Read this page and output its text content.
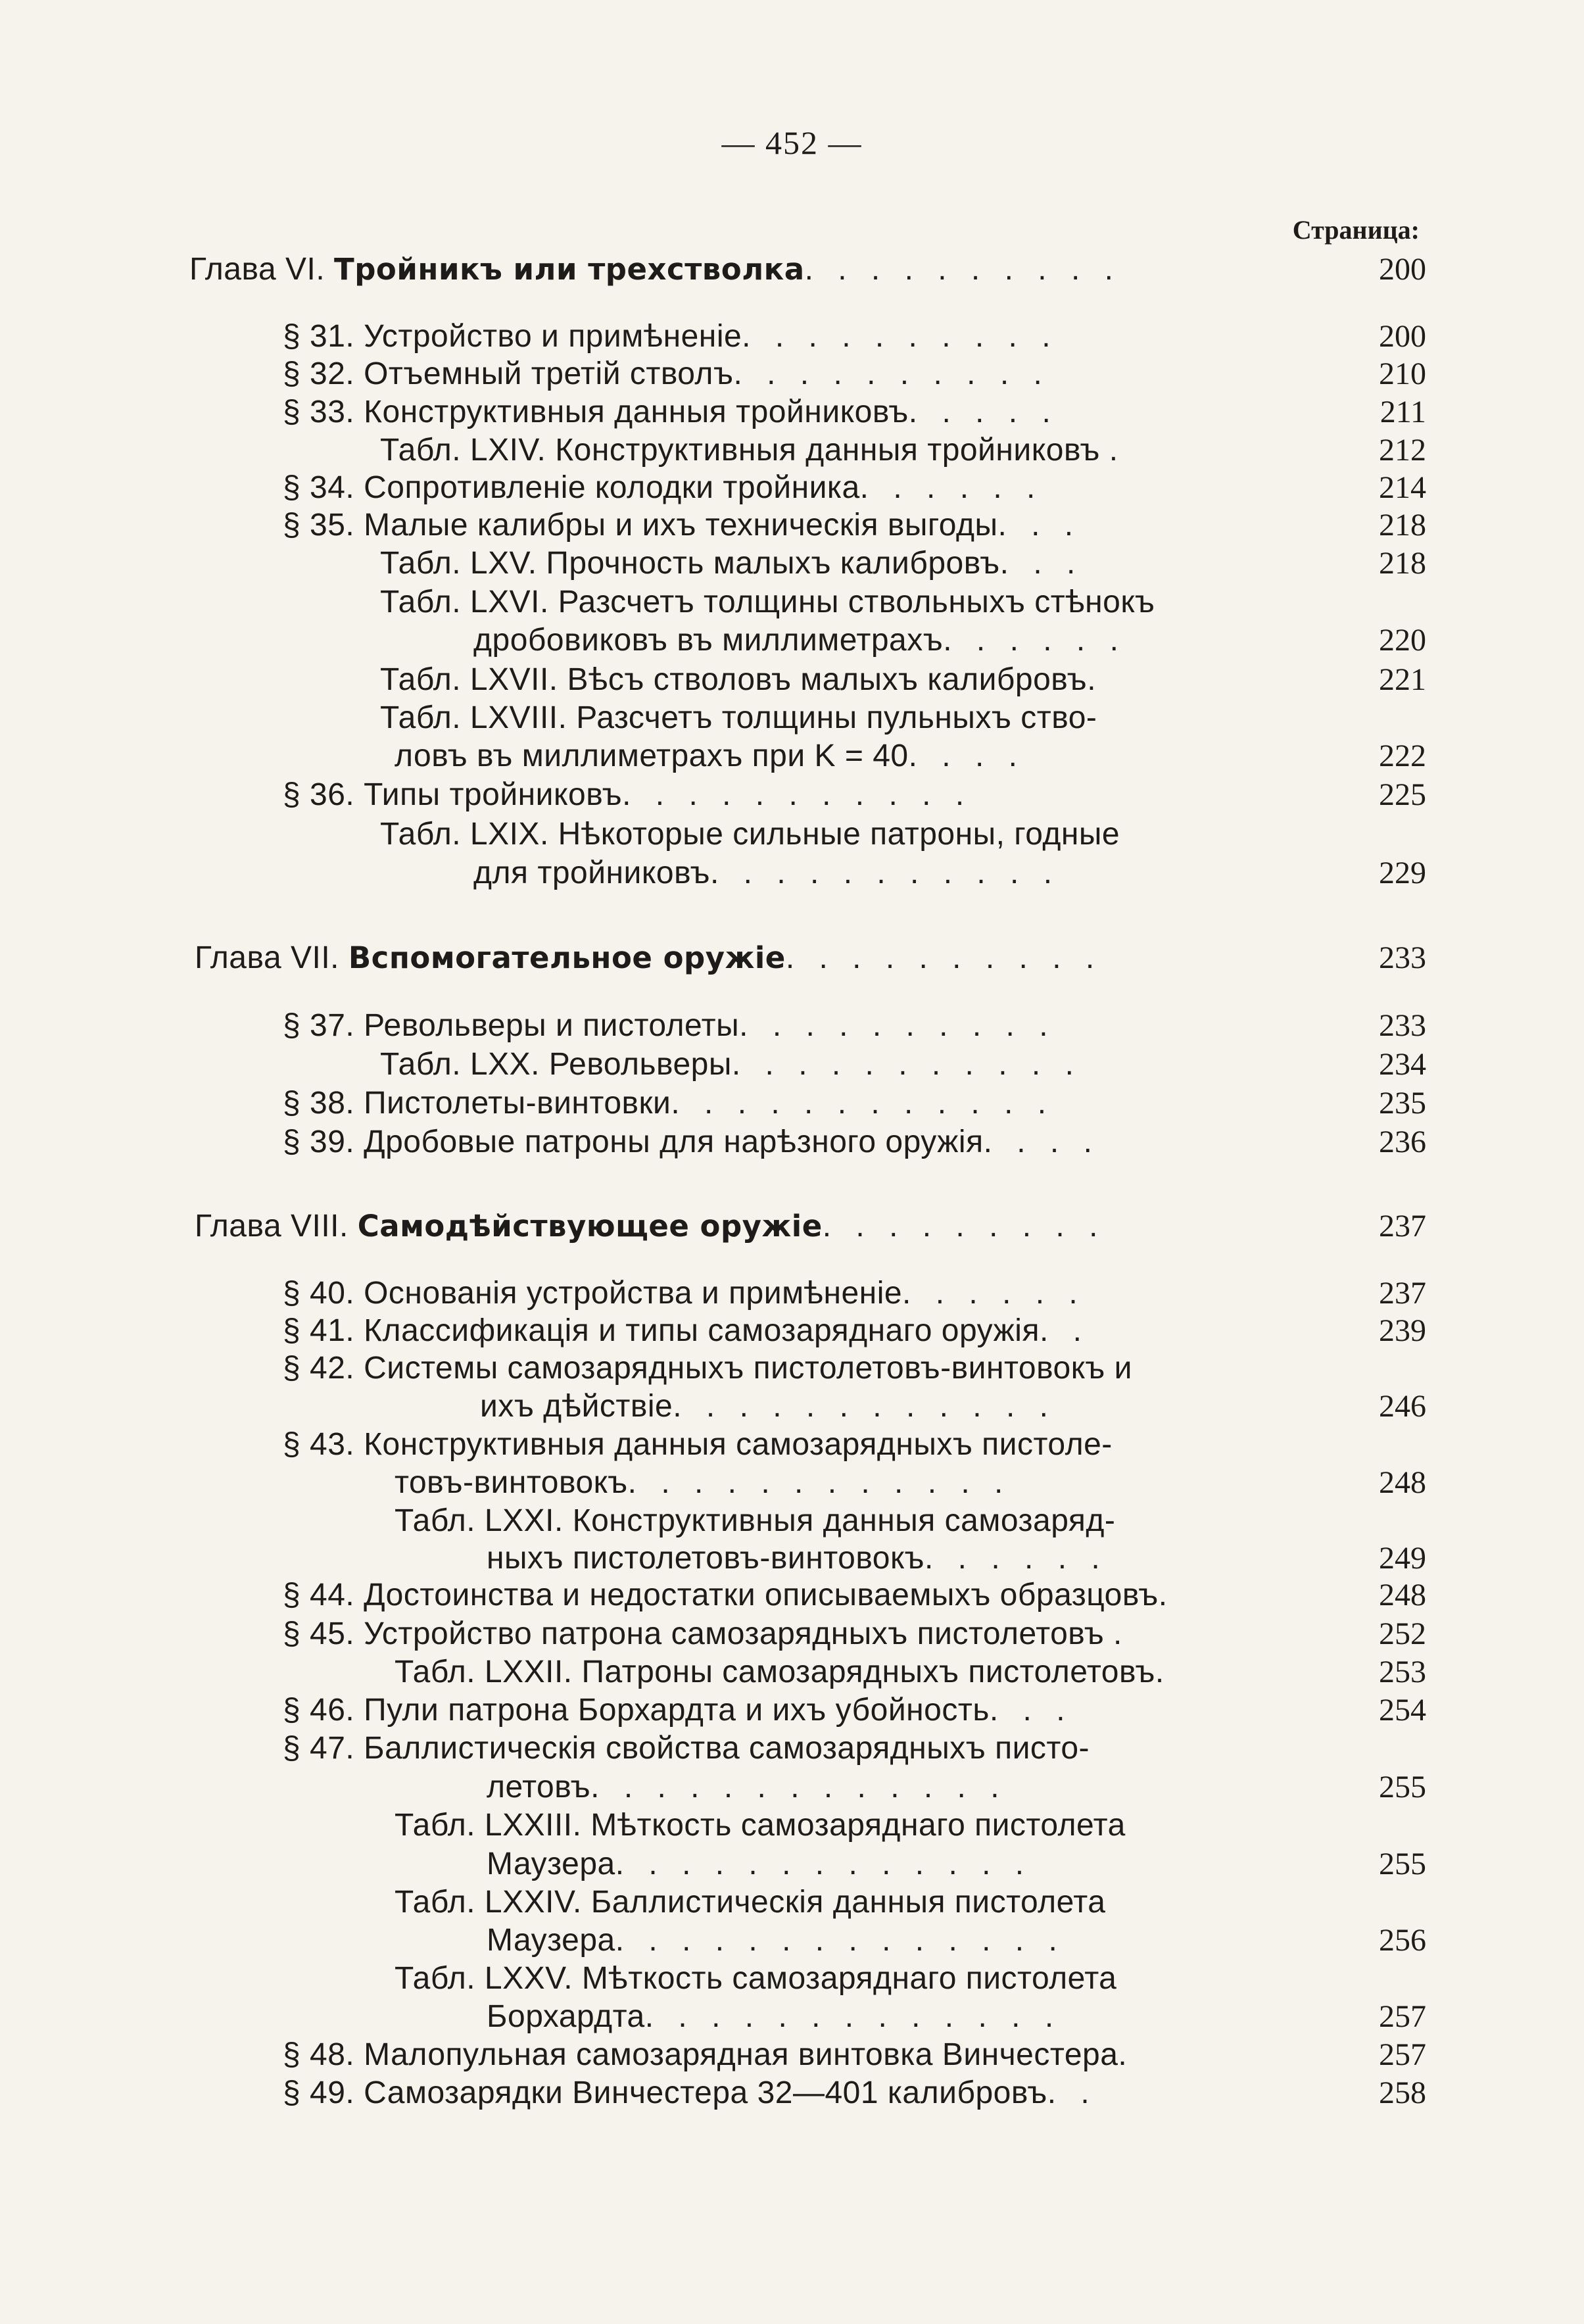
— 452 —
Страница:
Глава VI. Тройникъ или трехстволка . . . . . . . . . .	200
§ 31. Устройство и примѣненіе . . . . . . . . . .	200
§ 32. Отъемный третій стволъ . . . . . . . . . .	210
§ 33. Конструктивныя данныя тройниковъ . . . . .	211
Табл. LXIV. Конструктивныя данныя тройниковъ .	212
§ 34. Сопротивленіе колодки тройника . . . . . .	214
§ 35. Малые калибры и ихъ техническія выгоды . . .	218
Табл. LXV. Прочность малыхъ калибровъ . . .	218
Табл. LXVI. Разсчетъ толщины ствольныхъ стѣнокъ
дробовиковъ въ миллиметрахъ . . . . . .	220
Табл. LXVII. Вѣсъ стволовъ малыхъ калибровъ .	221
Табл. LXVIII. Разсчетъ толщины пульныхъ ство-
ловъ въ миллиметрахъ при K = 40 . . . .	222
§ 36. Типы тройниковъ . . . . . . . . . . .	225
Табл. LXIX. Нѣкоторые сильные патроны, годные
для тройниковъ . . . . . . . . . . .	229
Глава VII. Вспомогательное оружіе . . . . . . . . . .	233
§ 37. Револьверы и пистолеты . . . . . . . . . .	233
Табл. LXX. Револьверы . . . . . . . . . . .	234
§ 38. Пистолеты-винтовки . . . . . . . . . . . .	235
§ 39. Дробовые патроны для нарѣзного оружія . . . .	236
Глава VIII. Самодѣйствующее оружіе . . . . . . . . .	237
§ 40. Основанія устройства и примѣненіе . . . . . .	237
§ 41. Классификація и типы самозаряднаго оружія . .	239
§ 42. Системы самозарядныхъ пистолетовъ-винтовокъ и
ихъ дѣйствіе . . . . . . . . . . . .	246
§ 43. Конструктивныя данныя самозарядныхъ пистоле-
товъ-винтовокъ . . . . . . . . . . . .	248
Табл. LXXI. Конструктивныя данныя самозаряд-
ныхъ пистолетовъ-винтовокъ . . . . . .	249
§ 44. Достоинства и недостатки описываемыхъ образцовъ.	248
§ 45. Устройство патрона самозарядныхъ пистолетовъ .	252
Табл. LXXII. Патроны самозарядныхъ пистолетовъ.	253
§ 46. Пули патрона Борхардта и ихъ убойность . . .	254
§ 47. Баллистическія свойства самозарядныхъ писто-
летовъ . . . . . . . . . . . . .	255
Табл. LXXIII. Мѣткость самозаряднаго пистолета
Маузера . . . . . . . . . . . . .	255
Табл. LXXIV. Баллистическія данныя пистолета
Маузера . . . . . . . . . . . . . .	256
Табл. LXXV. Мѣткость самозаряднаго пистолета
Борхардта . . . . . . . . . . . . .	257
§ 48. Малопульная самозарядная винтовка Винчестера .	257
§ 49. Самозарядки Винчестера 32—401 калибровъ . .	258
